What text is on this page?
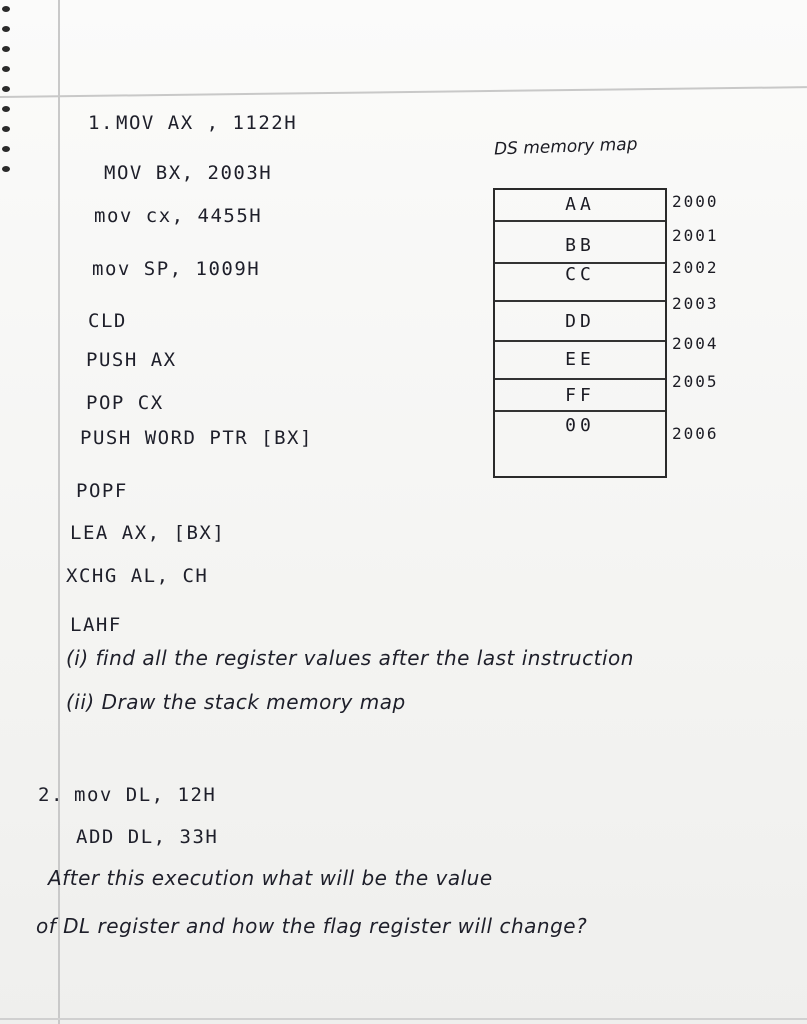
1. MOV AX , 1122H
MOV BX, 2003H
mov cx, 4455H
mov SP, 1009H
CLD
PUSH AX
POP CX
PUSH WORD PTR [BX]
POPF
LEA AX, [BX]
XCHG AL, CH
LAHF
(i) find all the register values after the last instruction
(ii) Draw the stack memory map
DS memory map
AA
BB
CC
DD
EE
FF
00
2000
2001
2002
2003
2004
2005
2006
2. mov DL, 12H
ADD DL, 33H
After this execution what will be the value
of DL register and how the flag register will change?
